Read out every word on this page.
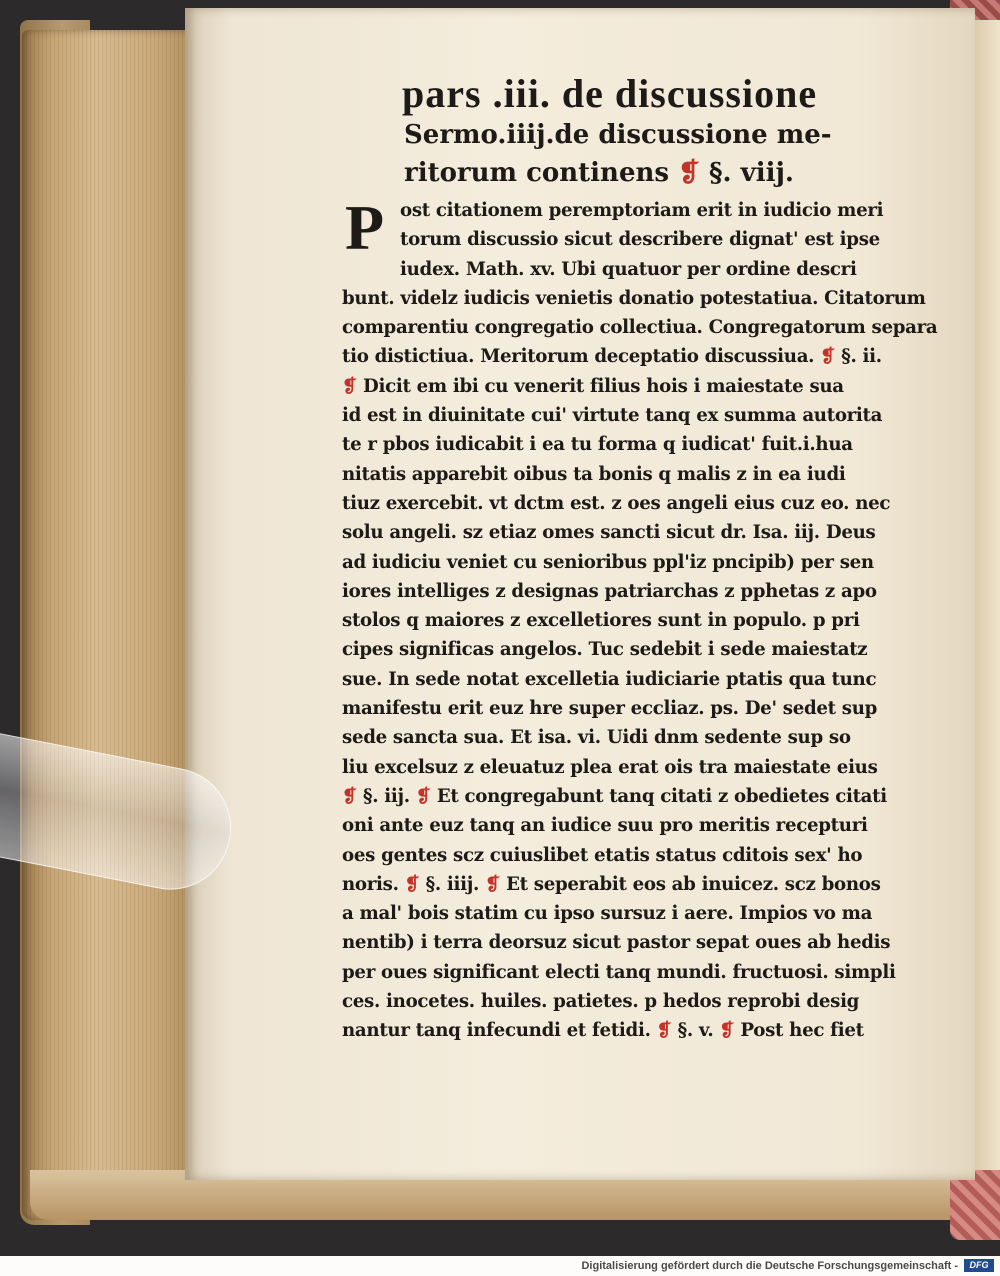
pars .iii. de discussione
Sermo.iiij.de discussione me-
ritorum continens ❡ §. viij.
ost citationem peremptoriam erit in iudicio meri
torum discussio sicut describere dignat' est ipse
iudex. Math. xv. Ubi quatuor per ordine descri
bunt. videlz iudicis venietis donatio potestatiua. Citatorum
comparentiu congregatio collectiua. Congregatorum separa
tio distictiua. Meritorum deceptatio discussiua. ❡ §. ii.
❡ Dicit em ibi cu venerit filius hois i maiestate sua
id est in diuinitate cui' virtute tanq ex summa autorita
te r pbos iudicabit i ea tu forma q iudicat' fuit.i.hua
nitatis apparebit oibus ta bonis q malis z in ea iudi
tiuz exercebit. vt dctm est. z oes angeli eius cuz eo. nec
solu angeli. sz etiaz omes sancti sicut dr. Isa. iij. Deus
ad iudiciu veniet cu senioribus ppl'iz pncipib) per sen
iores intelliges z designas patriarchas z pphetas z apo
stolos q maiores z excelletiores sunt in populo. p pri
cipes significas angelos. Tuc sedebit i sede maiestatz
sue. In sede notat excelletia iudiciarie ptatis qua tunc
manifestu erit euz hre super eccliaz. ps. De' sedet sup
sede sancta sua. Et isa. vi. Uidi dnm sedente sup so
liu excelsuz z eleuatuz plea erat ois tra maiestate eius
❡ §. iij. ❡ Et congregabunt tanq citati z obedietes citati
oni ante euz tanq an iudice suu pro meritis recepturi
oes gentes scz cuiuslibet etatis status cditois sex' ho
noris. ❡ §. iiij. ❡ Et seperabit eos ab inuicez. scz bonos
a mal' bois statim cu ipso sursuz i aere. Impios vo ma
nentib) i terra deorsuz sicut pastor sepat oues ab hedis
per oues significant electi tanq mundi. fructuosi. simpli
ces. inocetes. huiles. patietes. p hedos reprobi desig
nantur tanq infecundi et fetidi. ❡ §. v. ❡ Post hec fiet
P
Digitalisierung gefördert durch die Deutsche Forschungsgemeinschaft -	DFG
